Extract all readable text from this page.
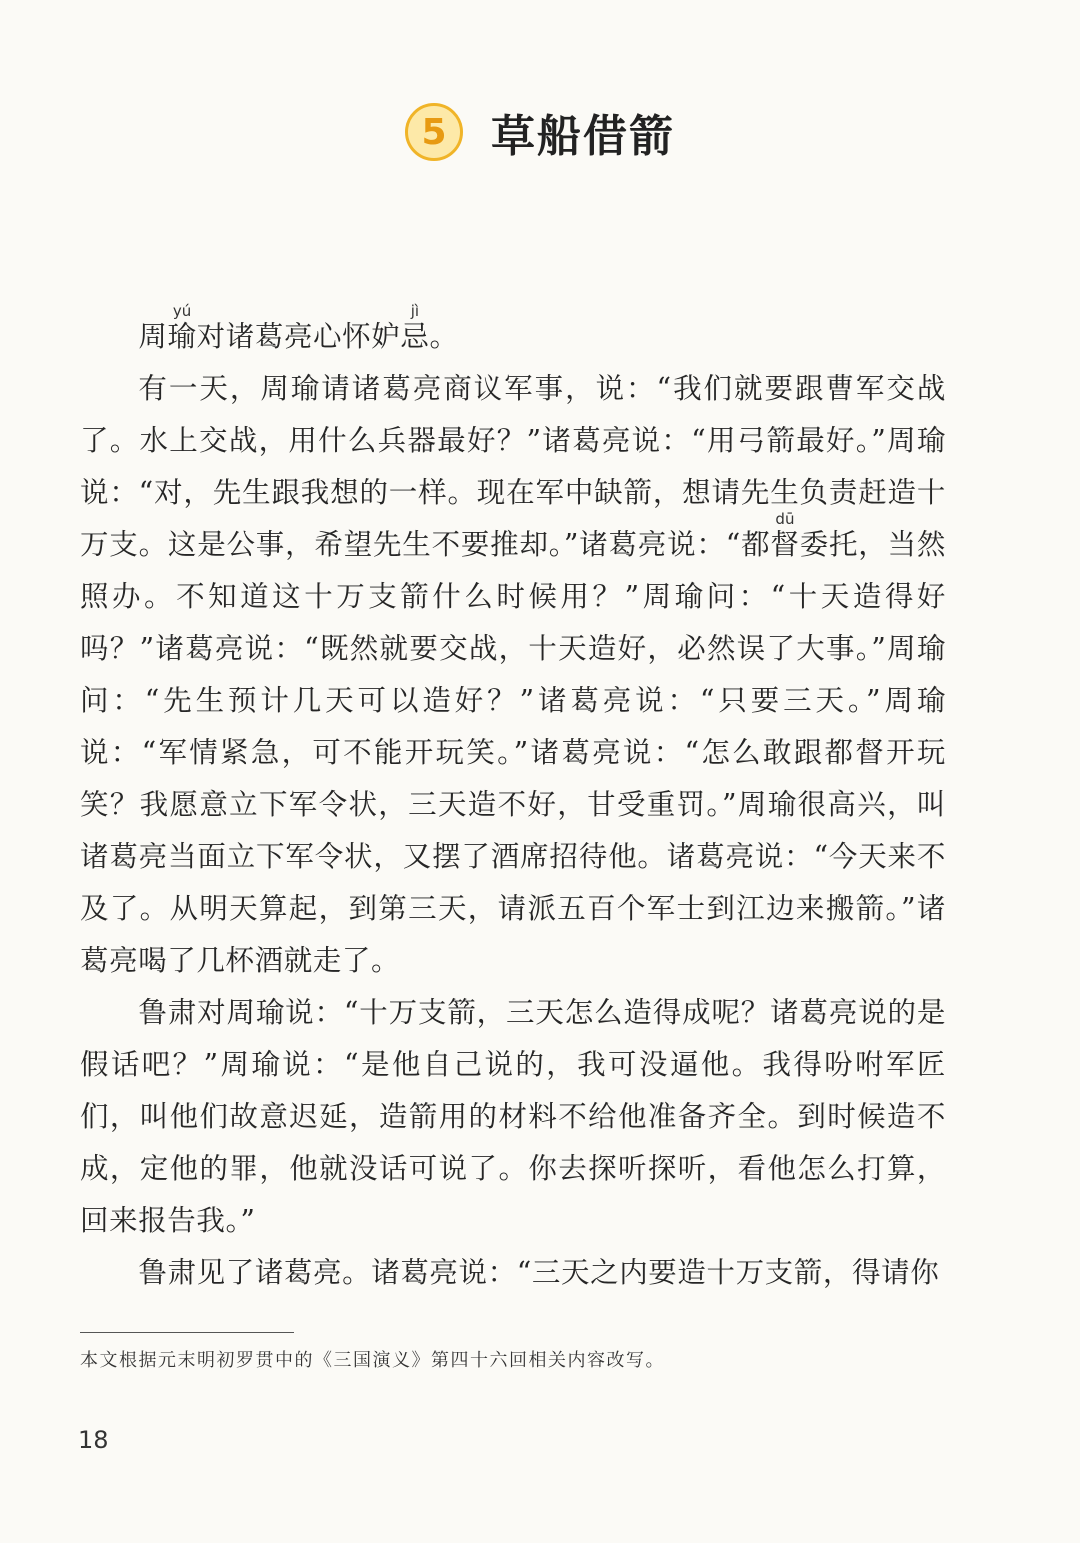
5	草船借箭

周瑜yú对诸葛亮心怀妒忌jì。

有一天，周瑜请诸葛亮商议军事，说：“我们就要跟曹军交战了。水上交战，用什么兵器最好？”诸葛亮说：“用弓箭最好。”周瑜说：“对，先生跟我想的一样。现在军中缺箭，想请先生负责赶造十万支。这是公事，希望先生不要推却。”诸葛亮说：“都督dū委托，当然照办。不知道这十万支箭什么时候用？”周瑜问：“十天造得好吗？”诸葛亮说：“既然就要交战，十天造好，必然误了大事。”周瑜问：“先生预计几天可以造好？”诸葛亮说：“只要三天。”周瑜说：“军情紧急，可不能开玩笑。”诸葛亮说：“怎么敢跟都督开玩笑？我愿意立下军令状，三天造不好，甘受重罚。”周瑜很高兴，叫诸葛亮当面立下军令状，又摆了酒席招待他。诸葛亮说：“今天来不及了。从明天算起，到第三天，请派五百个军士到江边来搬箭。”诸葛亮喝了几杯酒就走了。

鲁肃对周瑜说：“十万支箭，三天怎么造得成呢？诸葛亮说的是假话吧？”周瑜说：“是他自己说的，我可没逼他。我得吩咐军匠们，叫他们故意迟延，造箭用的材料不给他准备齐全。到时候造不成，定他的罪，他就没话可说了。你去探听探听，看他怎么打算，回来报告我。”

鲁肃见了诸葛亮。诸葛亮说：“三天之内要造十万支箭，得请你

本文根据元末明初罗贯中的《三国演义》第四十六回相关内容改写。
18
